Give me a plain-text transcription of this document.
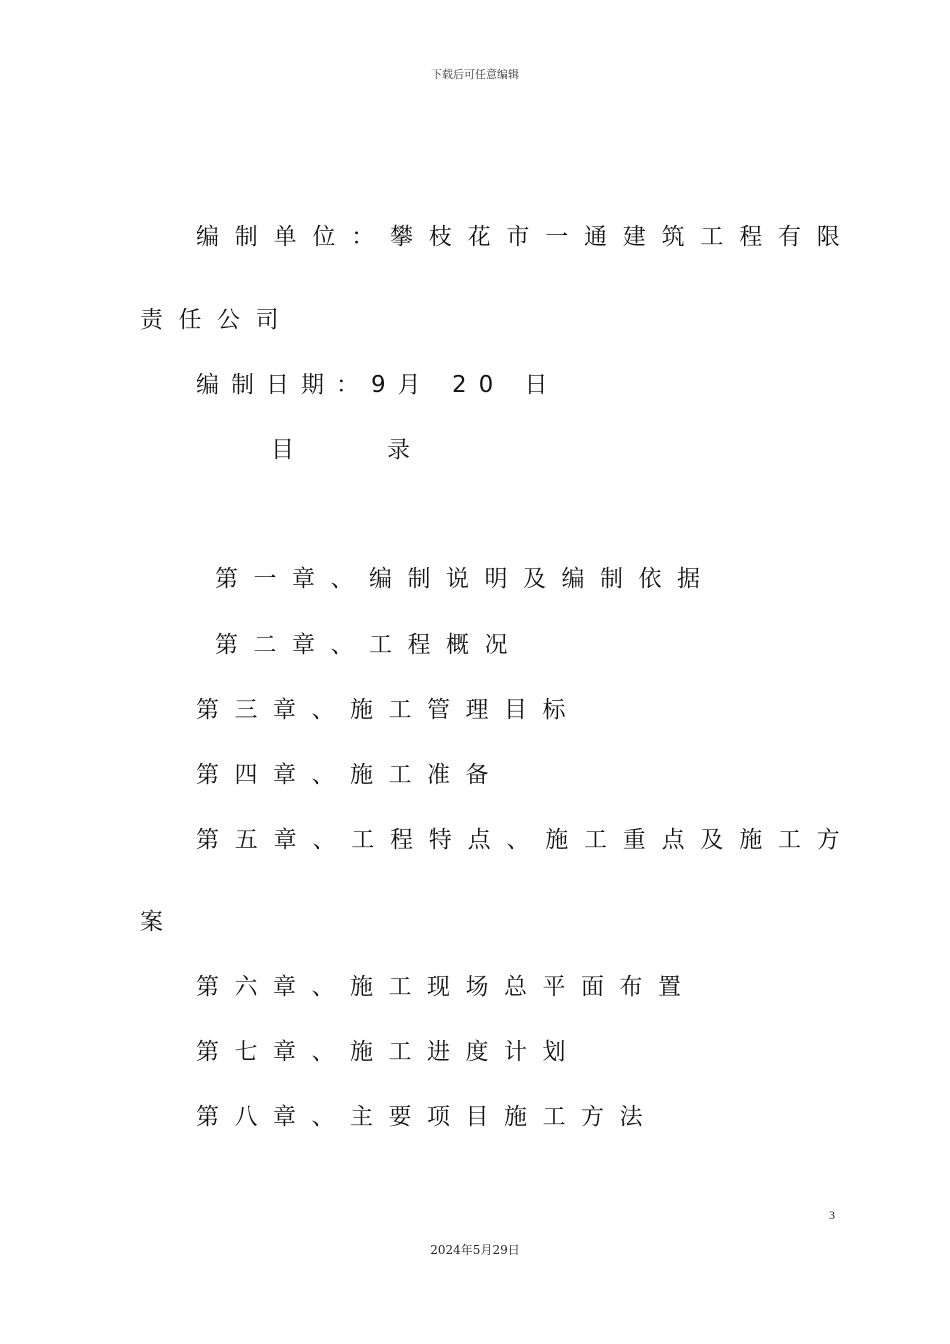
下载后可任意编辑
编制单位：攀枝花市一通建筑工程有限
责任公司
编制日期：9月 20 日
目　　　录
第一章、编制说明及编制依据
第二章、工程概况
第三章、施工管理目标
第四章、施工准备
第五章、工程特点、施工重点及施工方
案
第六章、施工现场总平面布置
第七章、施工进度计划
第八章、主要项目施工方法
3
2024年5月29日
